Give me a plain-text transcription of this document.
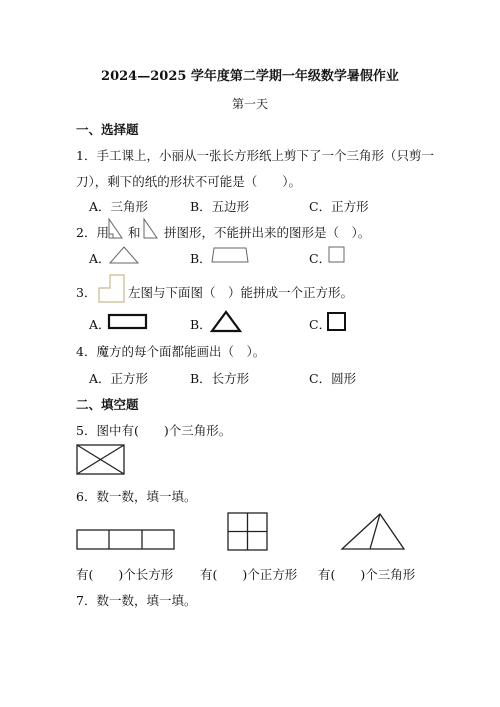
2024—2025 学年度第二学期一年级数学暑假作业
第一天
一、选择题
1．手工课上，小丽从一张长方形纸上剪下了一个三角形（只剪一
刀），剩下的纸的形状不可能是（　　）。
A．三角形	B．五边形	C．正方形
2．用 和 拼图形，不能拼出来的图形是（　）。
A．	B．	C．
3．	左图与下面图（　）能拼成一个正方形。
A．	B．	C．
4．魔方的每个面都能画出（　）。
A．正方形	B．长方形	C．圆形
二、填空题
5．图中有(　　)个三角形。
6．数一数，填一填。
有(　　)个长方形 有(　　)个正方形 有(　　)个三角形
7．数一数，填一填。
